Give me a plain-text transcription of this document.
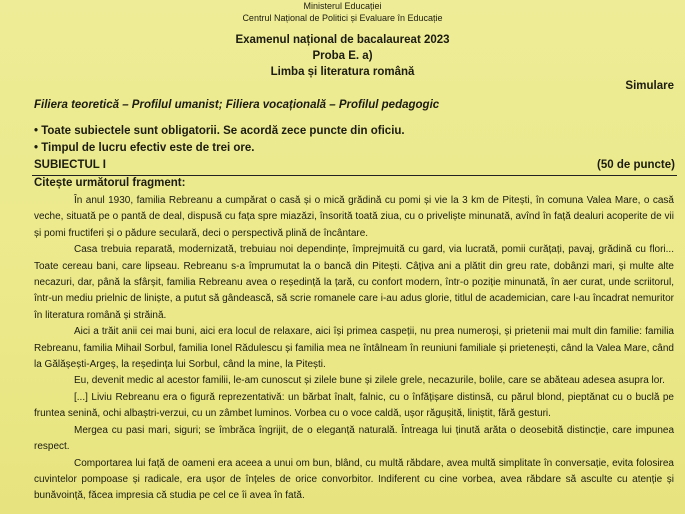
Ministerul Educației
Centrul Național de Politici și Evaluare în Educație
Examenul național de bacalaureat 2023
Proba E. a)
Limba și literatura română
Simulare
Filiera teoretică – Profilul umanist; Filiera vocațională – Profilul pedagogic
• Toate subiectele sunt obligatorii. Se acordă zece puncte din oficiu.
• Timpul de lucru efectiv este de trei ore.
SUBIECTUL I	(50 de puncte)
Citește următorul fragment:

În anul 1930, familia Rebreanu a cumpărat o casă și o mică grădină cu pomi și vie la 3 km de Pitești, în comuna Valea Mare, o casă veche, situată pe o pantă de deal, dispusă cu fața spre miazăzi, însorită toată ziua, cu o priveliște minunată, avînd în față dealuri acoperite de vii și pomi fructiferi și o pădure seculară, deci o perspectivă plină de încântare.

Casa trebuia reparată, modernizată, trebuiau noi dependințe, împrejmuită cu gard, via lucrată, pomii curățați, pavaj, grădină cu flori... Toate cereau bani, care lipseau. Rebreanu s-a împrumutat la o bancă din Pitești. Câțiva ani a plătit din greu rate, dobânzi mari, și multe alte necazuri, dar, până la sfârșit, familia Rebreanu avea o reședință la țară, cu confort modern, într-o poziție minunată, în aer curat, unde scriitorul, într-un mediu prielnic de liniște, a putut să gândească, să scrie romanele care i-au adus glorie, titlul de academician, care l-au încadrat nemuritor în literatura română și străină.

Aici a trăit anii cei mai buni, aici era locul de relaxare, aici își primea caspeții, nu prea numeroși, și prietenii mai mult din familie: familia Rebreanu, familia Mihail Sorbul, familia Ionel Rădulescu și familia mea ne întâlneam în reuniuni familiale și prietenești, când la Valea Mare, când la Gălășești-Argeș, la reședința lui Sorbul, când la mine, la Pitești.

Eu, devenit medic al acestor familii, le-am cunoscut și zilele bune și zilele grele, necazurile, bolile, care se abăteau adesea asupra lor.

[...] Liviu Rebreanu era o figură reprezentativă: un bărbat înalt, falnic, cu o înfățișare distinsă, cu părul blond, pieptănat cu o buclă pe fruntea senină, ochi albaștri-verzui, cu un zâmbet luminos. Vorbea cu o voce caldă, ușor răgușită, liniștit, fără gesturi.

Mergea cu pasi mari, siguri; se îmbrăca îngrijit, de o eleganță naturală. Întreaga lui ținută arăta o deosebită distincție, care impunea respect.

Comportarea lui față de oameni era aceea a unui om bun, blând, cu multă răbdare, avea multă simplitate în conversație, evita folosirea cuvintelor pompoase și radicale, era ușor de înțeles de orice convorbitor. Indiferent cu cine vorbea, avea răbdare să asculte cu atenție și bunăvoință, făcea impresia că studia pe cel ce îi avea în fată.
